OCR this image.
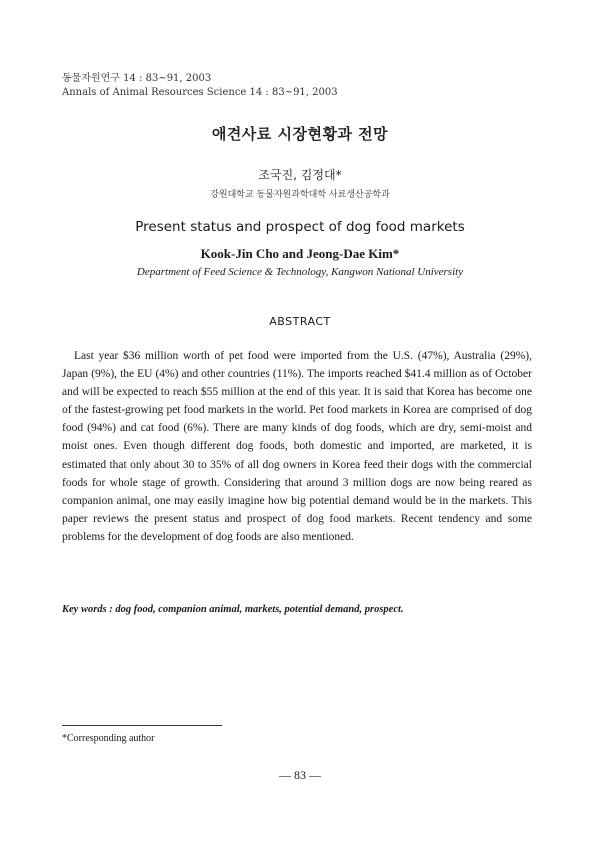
동물자원연구 14 : 83~91, 2003
Annals of Animal Resources Science 14 : 83~91, 2003
애견사료 시장현황과 전망
조국진, 김정대*
강원대학교 동물자원과학대학 사료생산공학과
Present status and prospect of dog food markets
Kook-Jin Cho and Jeong-Dae Kim*
Department of Feed Science & Technology, Kangwon National University
ABSTRACT
Last year $36 million worth of pet food were imported from the U.S. (47%), Australia (29%), Japan (9%), the EU (4%) and other countries (11%). The imports reached $41.4 million as of October and will be expected to reach $55 million at the end of this year. It is said that Korea has become one of the fastest-growing pet food markets in the world. Pet food markets in Korea are comprised of dog food (94%) and cat food (6%). There are many kinds of dog foods, which are dry, semi-moist and moist ones. Even though different dog foods, both domestic and imported, are marketed, it is estimated that only about 30 to 35% of all dog owners in Korea feed their dogs with the commercial foods for whole stage of growth. Considering that around 3 million dogs are now being reared as companion animal, one may easily imagine how big potential demand would be in the markets. This paper reviews the present status and prospect of dog food markets. Recent tendency and some problems for the development of dog foods are also mentioned.
Key words : dog food, companion animal, markets, potential demand, prospect.
*Corresponding author
— 83 —
